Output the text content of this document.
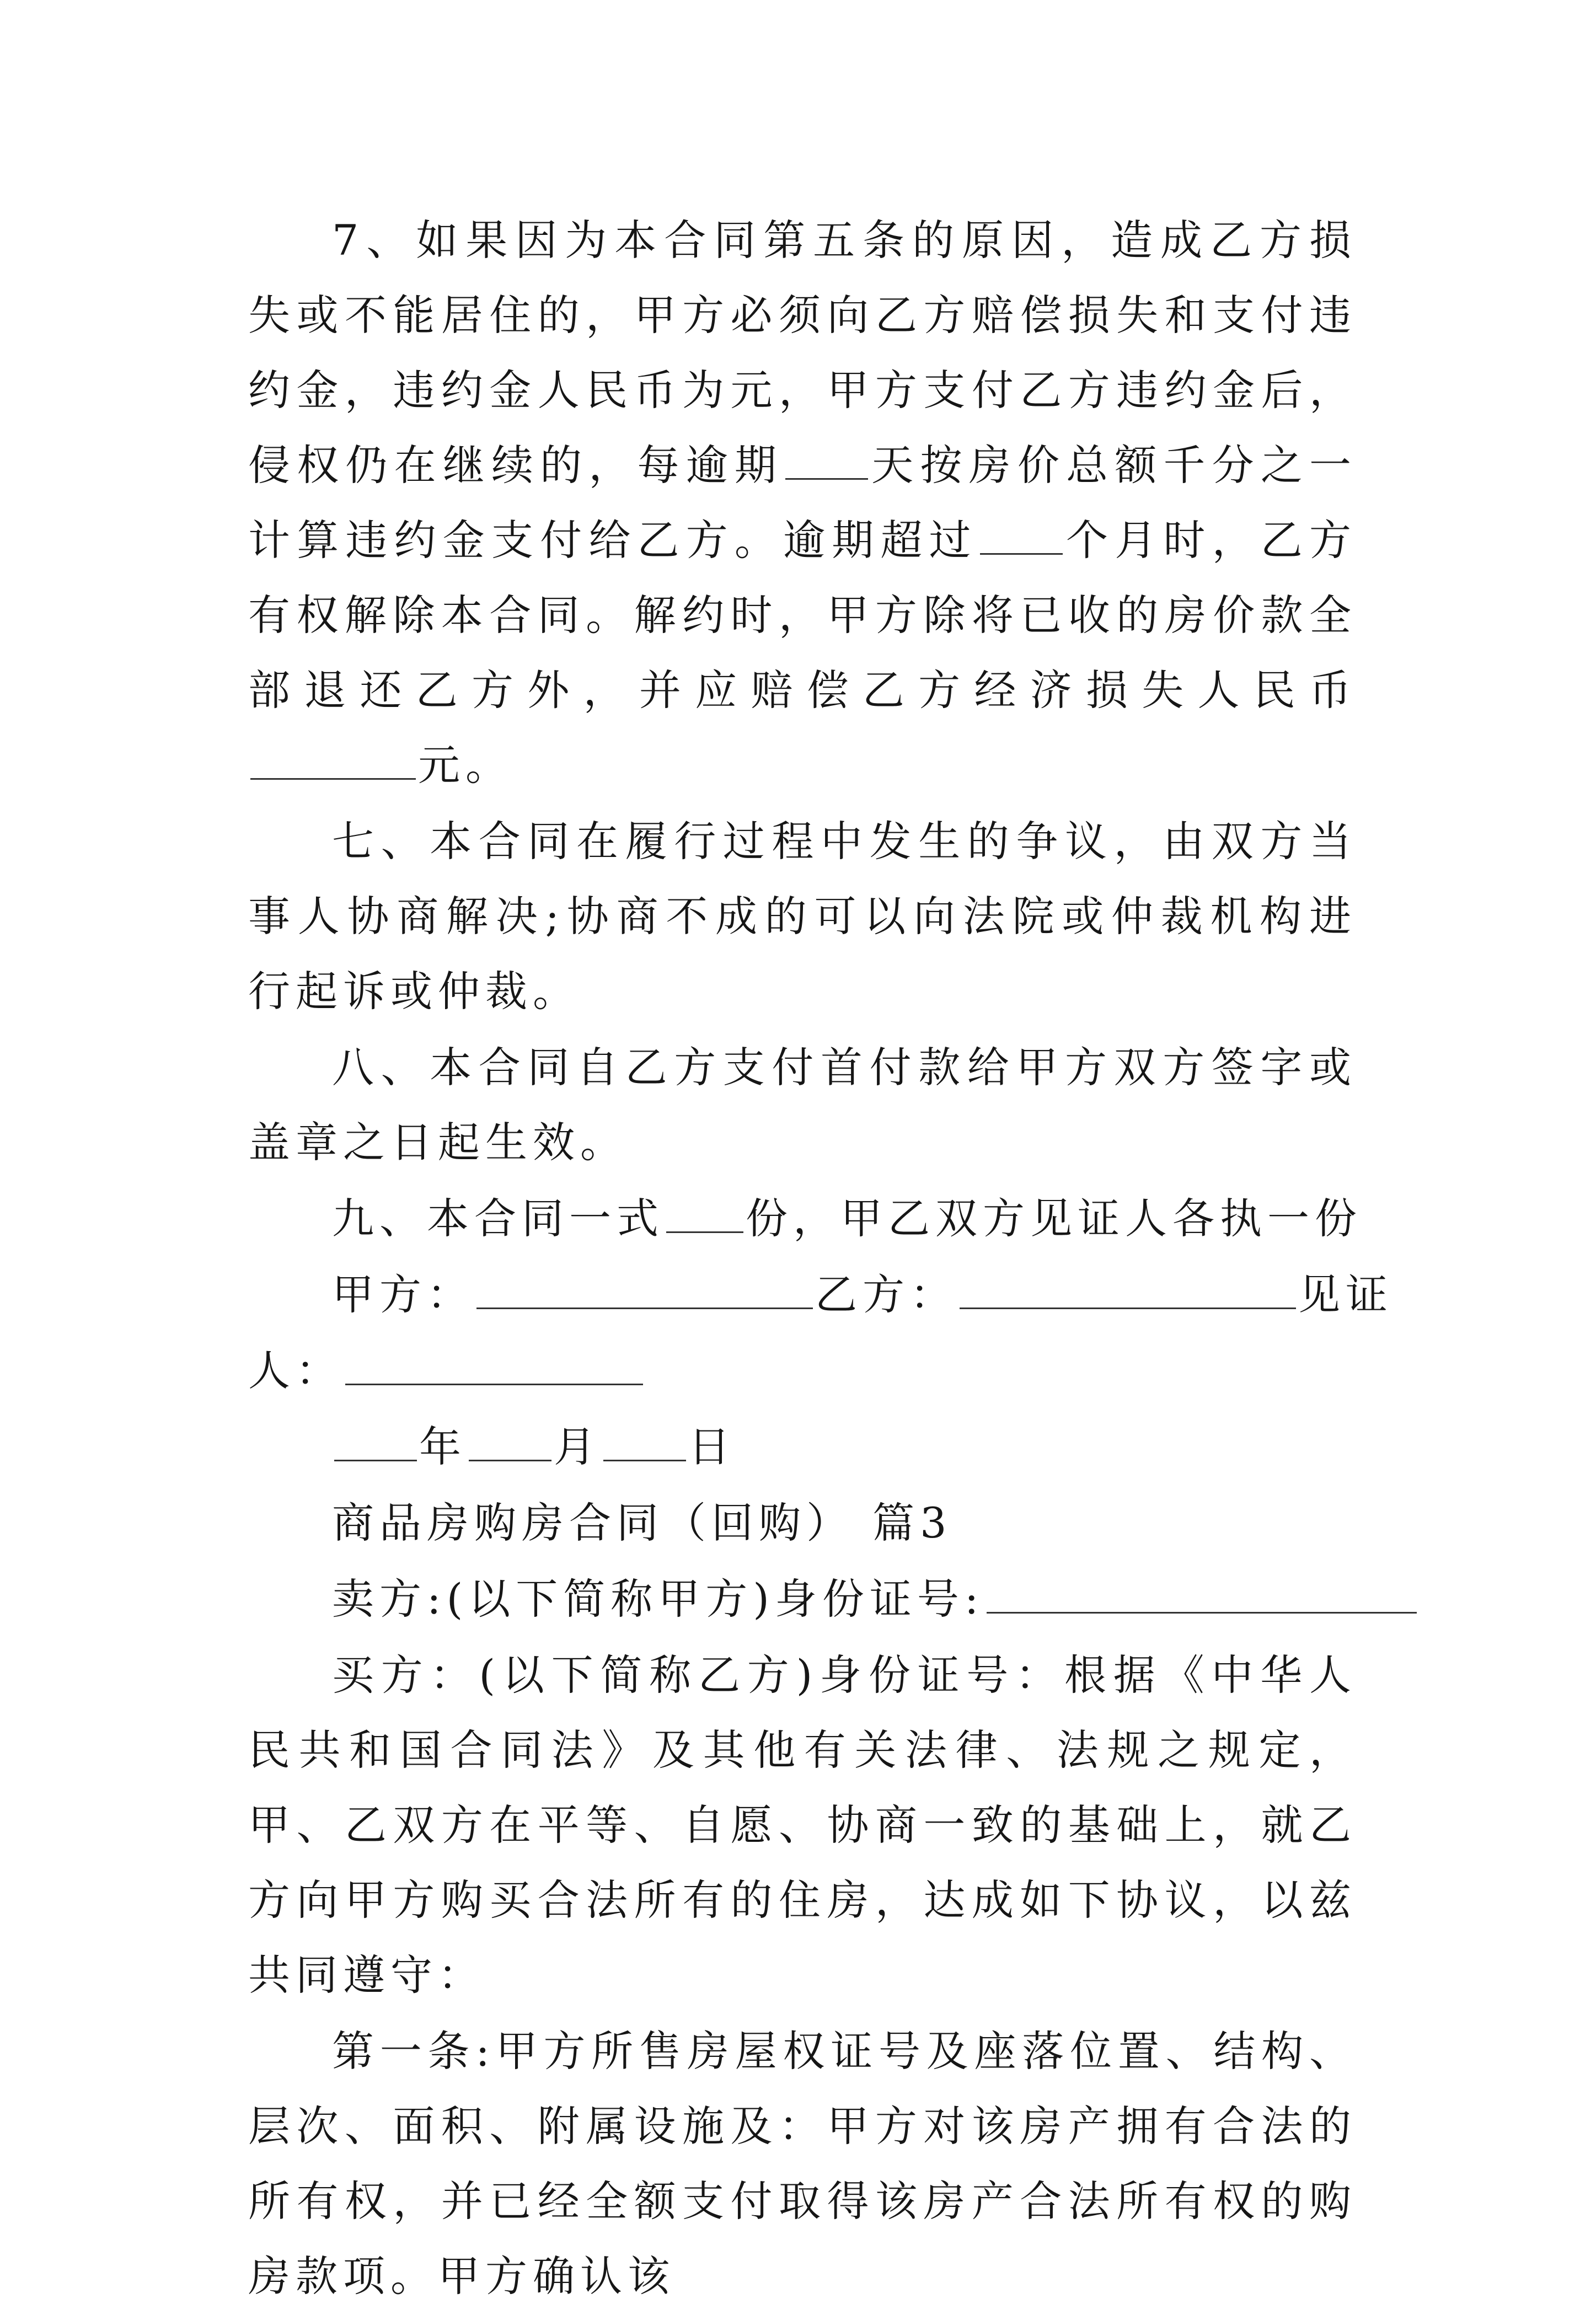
7、如果因为本合同第五条的原因，造成乙方损失或不能居住的，甲方必须向乙方赔偿损失和支付违约金，违约金人民币为元，甲方支付乙方违约金后，侵权仍在继续的，每逾期 天按房价总额千分之一计算违约金支付给乙方。逾期超过 个月时，乙方有权解除本合同。解约时，甲方除将已收的房价款全部退还乙方外，并应赔偿乙方经济损失人民币元。

七、本合同在履行过程中发生的争议，由双方当事人协商解决;协商不成的可以向法院或仲裁机构进行起诉或仲裁。

八、本合同自乙方支付首付款给甲方双方签字或盖章之日起生效。

九、本合同一式 份，甲乙双方见证人各执一份

甲方：	乙方：	见证

人：

年 月 日

商品房购房合同（回购） 篇3

卖方:(以下简称甲方)身份证号:

买方：(以下简称乙方)身份证号：根据《中华人民共和国合同法》及其他有关法律、法规之规定，甲、乙双方在平等、自愿、协商一致的基础上，就乙方向甲方购买合法所有的住房，达成如下协议，以兹共同遵守：

第一条:甲方所售房屋权证号及座落位置、结构、层次、面积、附属设施及：甲方对该房产拥有合法的所有权，并已经全额支付取得该房产合法所有权的购房款项。甲方确认该
